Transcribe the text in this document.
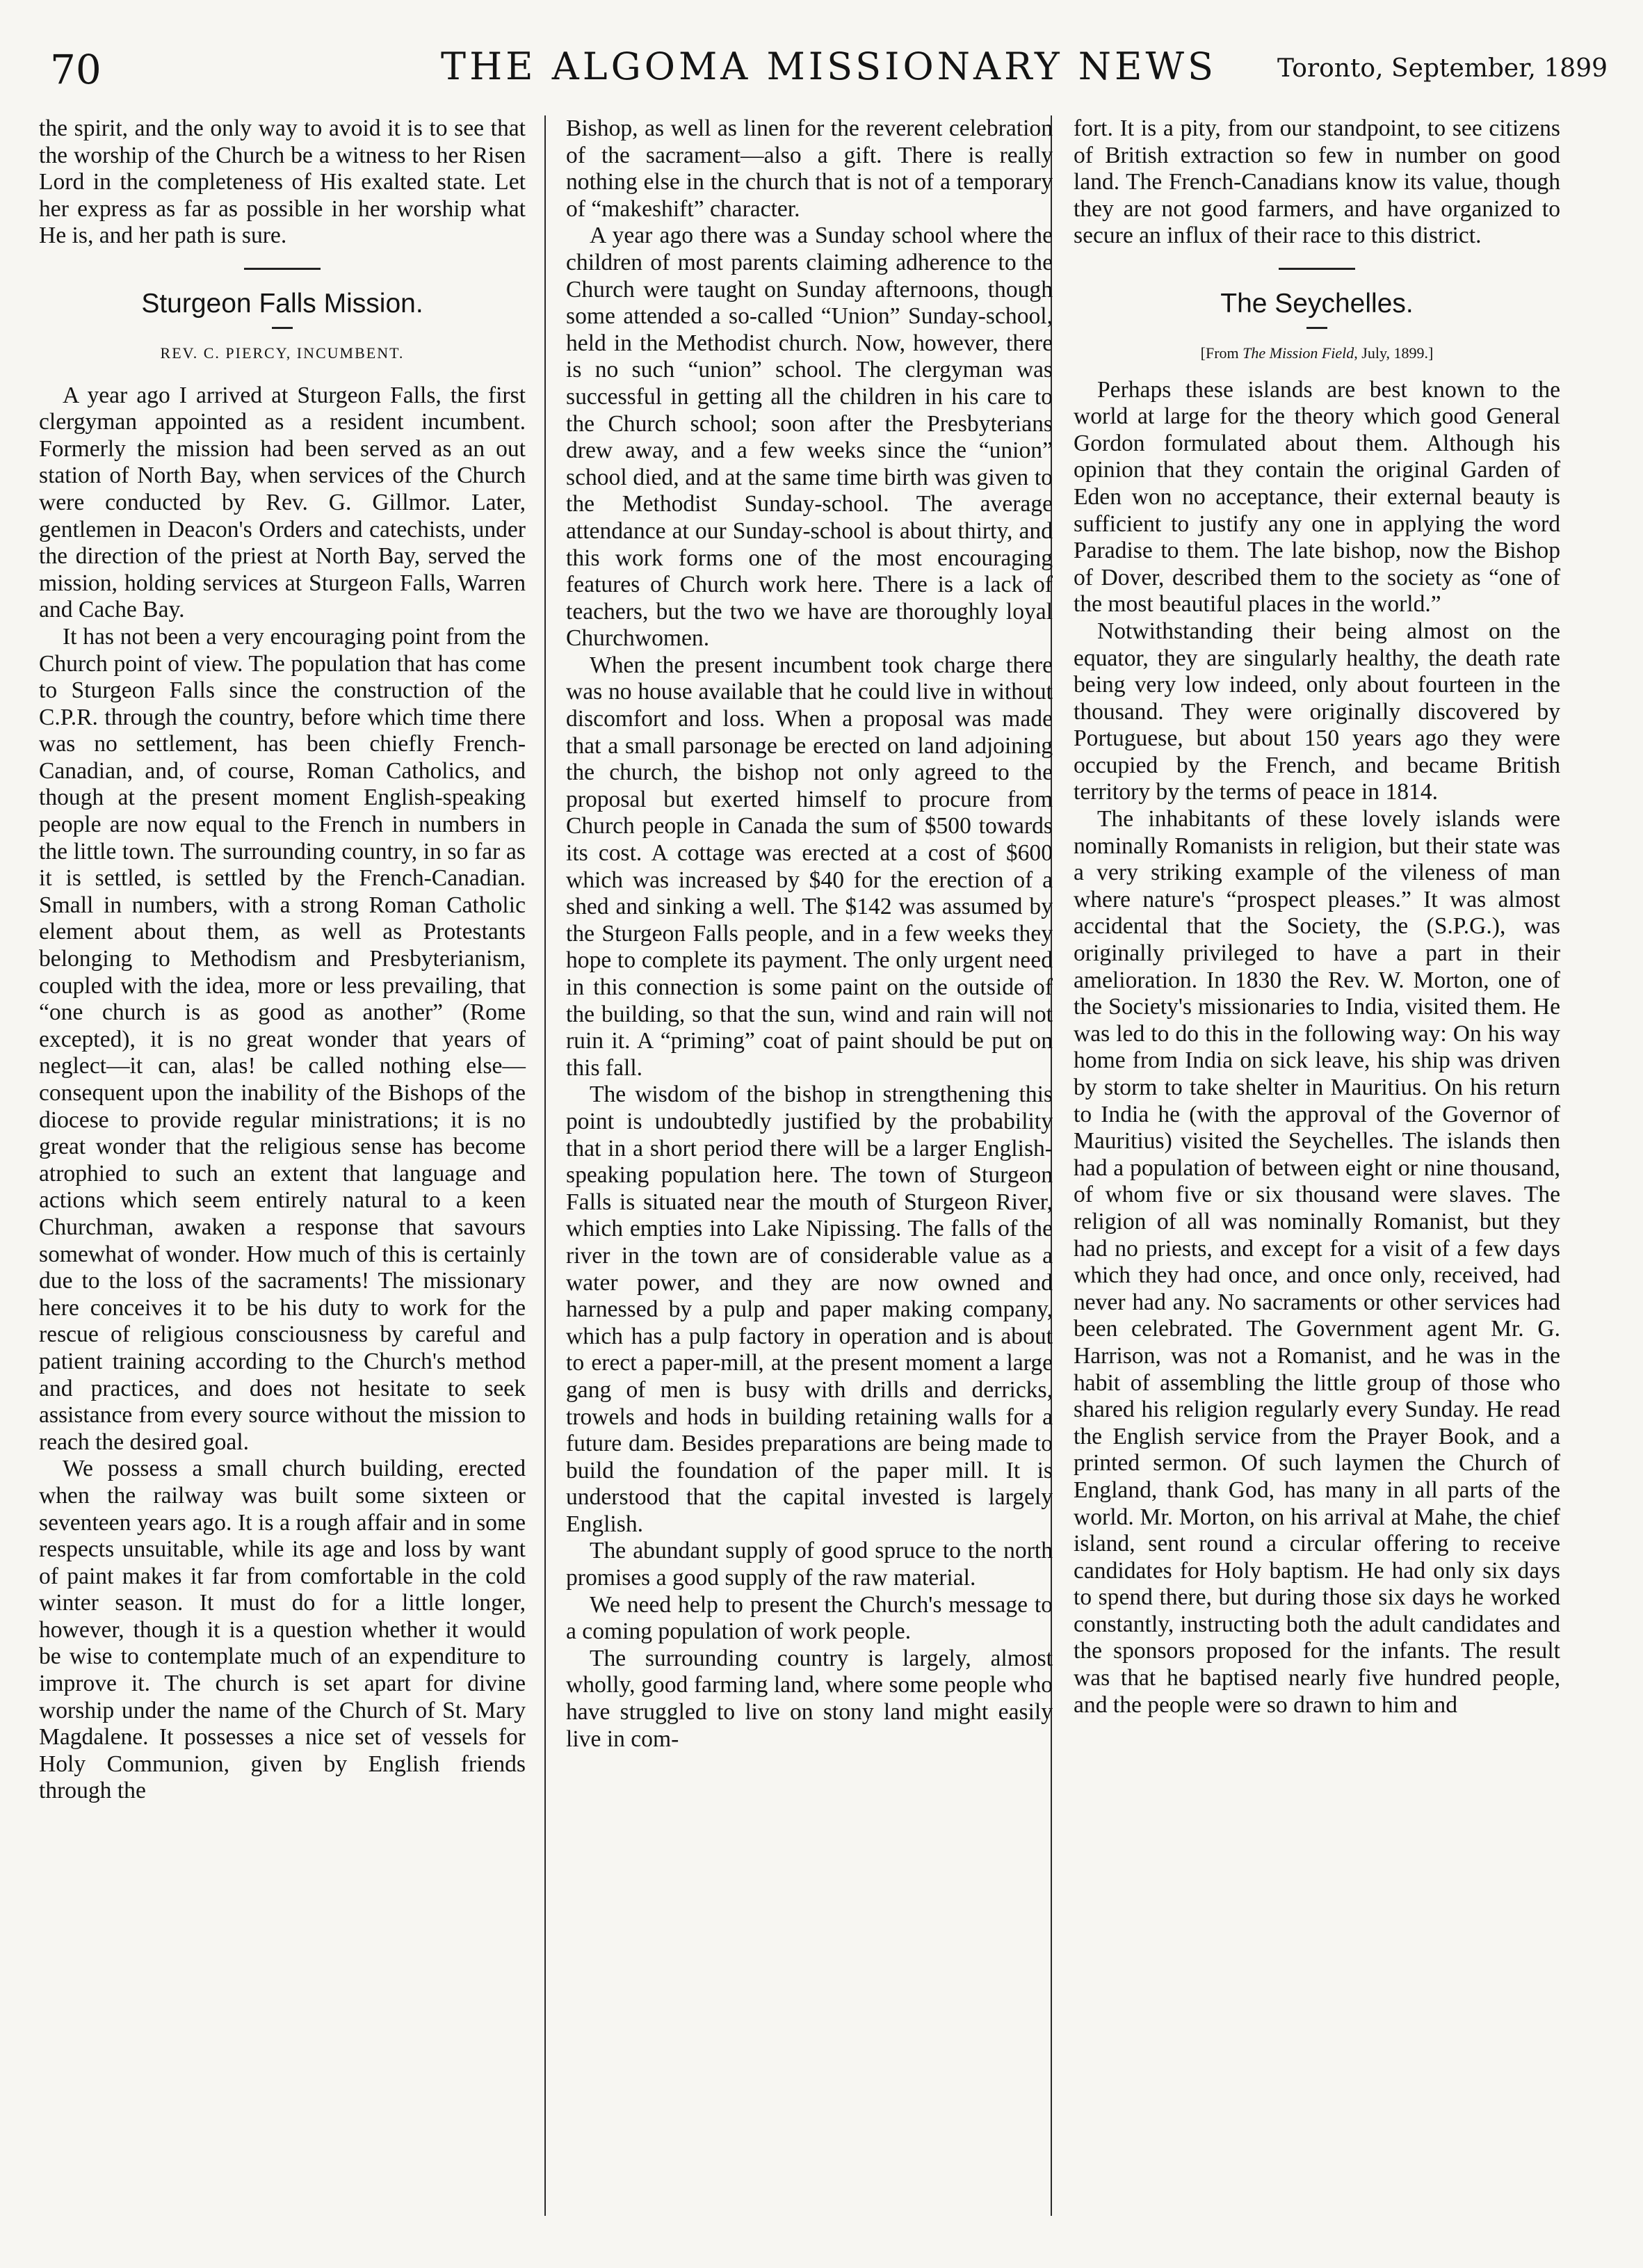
70	THE ALGOMA MISSIONARY NEWS	Toronto, September, 1899

the spirit, and the only way to avoid it is to see that the worship of the Church be a witness to her Risen Lord in the completeness of His exalted state. Let her express as far as possible in her worship what He is, and her path is sure.

Sturgeon Falls Mission.
REV. C. PIERCY, INCUMBENT.

A year ago I arrived at Sturgeon Falls, the first clergyman appointed as a resident incumbent. Formerly the mission had been served as an out station of North Bay, when services of the Church were conducted by Rev. G. Gillmor. Later, gentlemen in Deacon's Orders and catechists, under the direction of the priest at North Bay, served the mission, holding services at Sturgeon Falls, Warren and Cache Bay.

It has not been a very encouraging point from the Church point of view. The population that has come to Sturgeon Falls since the construction of the C.P.R. through the country, before which time there was no settlement, has been chiefly French-Canadian, and, of course, Roman Catholics, and though at the present moment English-speaking people are now equal to the French in numbers in the little town. The surrounding country, in so far as it is settled, is settled by the French-Canadian. Small in numbers, with a strong Roman Catholic element about them, as well as Protestants belonging to Methodism and Presbyterianism, coupled with the idea, more or less prevailing, that “one church is as good as another” (Rome excepted), it is no great wonder that years of neglect—it can, alas! be called nothing else—consequent upon the inability of the Bishops of the diocese to provide regular ministrations; it is no great wonder that the religious sense has become atrophied to such an extent that language and actions which seem entirely natural to a keen Churchman, awaken a response that savours somewhat of wonder. How much of this is certainly due to the loss of the sacraments! The missionary here conceives it to be his duty to work for the rescue of religious consciousness by careful and patient training according to the Church's method and practices, and does not hesitate to seek assistance from every source without the mission to reach the desired goal.

We possess a small church building, erected when the railway was built some sixteen or seventeen years ago. It is a rough affair and in some respects unsuitable, while its age and loss by want of paint makes it far from comfortable in the cold winter season. It must do for a little longer, however, though it is a question whether it would be wise to contemplate much of an expenditure to improve it. The church is set apart for divine worship under the name of the Church of St. Mary Magdalene. It possesses a nice set of vessels for Holy Communion, given by English friends through the

Bishop, as well as linen for the reverent celebration of the sacrament—also a gift. There is really nothing else in the church that is not of a temporary of “makeshift” character.

A year ago there was a Sunday school where the children of most parents claiming adherence to the Church were taught on Sunday afternoons, though some attended a so-called “Union” Sunday-school, held in the Methodist church. Now, however, there is no such “union” school. The clergyman was successful in getting all the children in his care to the Church school; soon after the Presbyterians drew away, and a few weeks since the “union” school died, and at the same time birth was given to the Methodist Sunday-school. The average attendance at our Sunday-school is about thirty, and this work forms one of the most encouraging features of Church work here. There is a lack of teachers, but the two we have are thoroughly loyal Churchwomen.

When the present incumbent took charge there was no house available that he could live in without discomfort and loss. When a proposal was made that a small parsonage be erected on land adjoining the church, the bishop not only agreed to the proposal but exerted himself to procure from Church people in Canada the sum of $500 towards its cost. A cottage was erected at a cost of $600 which was increased by $40 for the erection of a shed and sinking a well. The $142 was assumed by the Sturgeon Falls people, and in a few weeks they hope to complete its payment. The only urgent need in this connection is some paint on the outside of the building, so that the sun, wind and rain will not ruin it. A “priming” coat of paint should be put on this fall.

The wisdom of the bishop in strengthening this point is undoubtedly justified by the probability that in a short period there will be a larger English-speaking population here. The town of Sturgeon Falls is situated near the mouth of Sturgeon River, which empties into Lake Nipissing. The falls of the river in the town are of considerable value as a water power, and they are now owned and harnessed by a pulp and paper making company, which has a pulp factory in operation and is about to erect a paper-mill, at the present moment a large gang of men is busy with drills and derricks, trowels and hods in building retaining walls for a future dam. Besides preparations are being made to build the foundation of the paper mill. It is understood that the capital invested is largely English.

The abundant supply of good spruce to the north promises a good supply of the raw material.

We need help to present the Church's message to a coming population of work people.

The surrounding country is largely, almost wholly, good farming land, where some people who have struggled to live on stony land might easily live in com-

fort. It is a pity, from our standpoint, to see citizens of British extraction so few in number on good land. The French-Canadians know its value, though they are not good farmers, and have organized to secure an influx of their race to this district.

The Seychelles.
[From The Mission Field, July, 1899.]

Perhaps these islands are best known to the world at large for the theory which good General Gordon formulated about them. Although his opinion that they contain the original Garden of Eden won no acceptance, their external beauty is sufficient to justify any one in applying the word Paradise to them. The late bishop, now the Bishop of Dover, described them to the society as “one of the most beautiful places in the world.”

Notwithstanding their being almost on the equator, they are singularly healthy, the death rate being very low indeed, only about fourteen in the thousand. They were originally discovered by Portuguese, but about 150 years ago they were occupied by the French, and became British territory by the terms of peace in 1814.

The inhabitants of these lovely islands were nominally Romanists in religion, but their state was a very striking example of the vileness of man where nature's “prospect pleases.” It was almost accidental that the Society, the (S.P.G.), was originally privileged to have a part in their amelioration. In 1830 the Rev. W. Morton, one of the Society's missionaries to India, visited them. He was led to do this in the following way: On his way home from India on sick leave, his ship was driven by storm to take shelter in Mauritius. On his return to India he (with the approval of the Governor of Mauritius) visited the Seychelles. The islands then had a population of between eight or nine thousand, of whom five or six thousand were slaves. The religion of all was nominally Romanist, but they had no priests, and except for a visit of a few days which they had once, and once only, received, had never had any. No sacraments or other services had been celebrated. The Government agent Mr. G. Harrison, was not a Romanist, and he was in the habit of assembling the little group of those who shared his religion regularly every Sunday. He read the English service from the Prayer Book, and a printed sermon. Of such laymen the Church of England, thank God, has many in all parts of the world. Mr. Morton, on his arrival at Mahe, the chief island, sent round a circular offering to receive candidates for Holy baptism. He had only six days to spend there, but during those six days he worked constantly, instructing both the adult candidates and the sponsors proposed for the infants. The result was that he baptised nearly five hundred people, and the people were so drawn to him and
